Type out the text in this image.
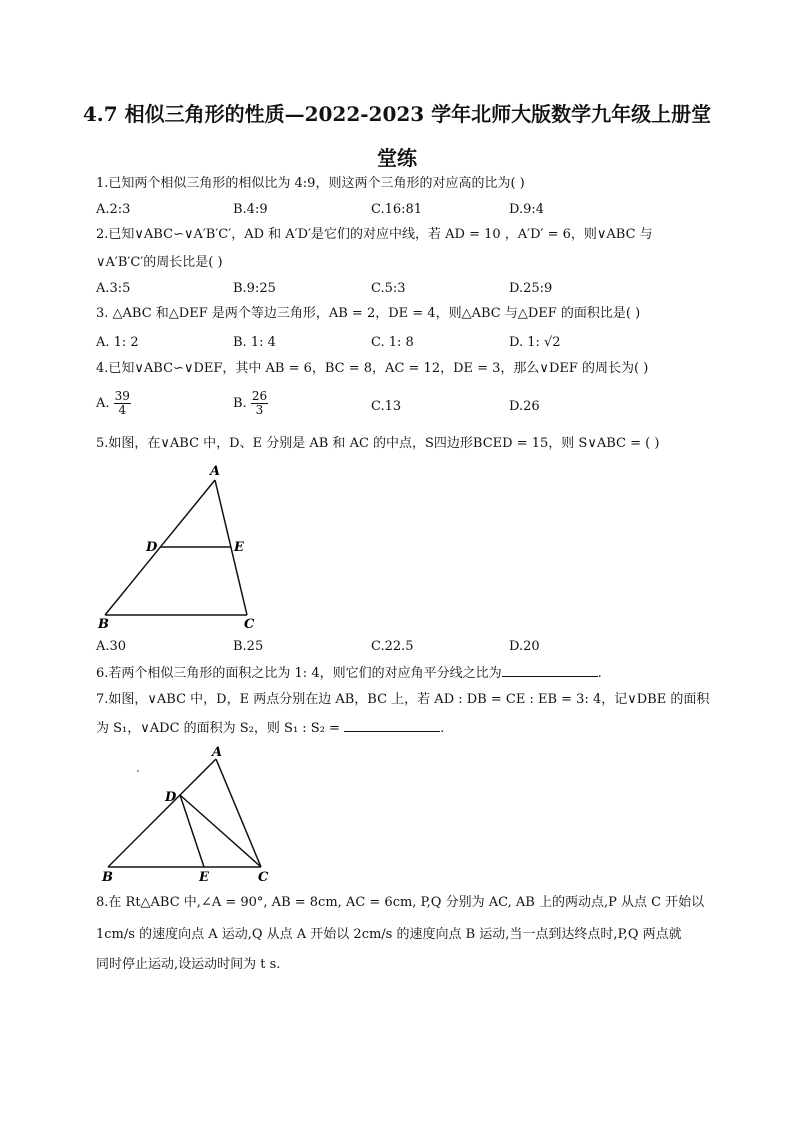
4.7 相似三角形的性质—2022-2023 学年北师大版数学九年级上册堂
堂练
1.已知两个相似三角形的相似比为 4:9，则这两个三角形的对应高的比为( )
A.2:3	B.4:9	C.16:81	D.9:4
2.已知∨ABC∽∨A′B′C′，AD 和 A′D′是它们的对应中线，若 AD = 10 ，A′D′ = 6，则∨ABC 与
∨A′B′C′的周长比是( )
A.3:5	B.9:25	C.5:3	D.25:9
3. △ABC 和△DEF 是两个等边三角形，AB = 2，DE = 4，则△ABC 与△DEF 的面积比是( )
A. 1: 2	B. 1: 4	C. 1: 8	D. 1: √2
4.已知∨ABC∽∨DEF，其中 AB = 6，BC = 8，AC = 12，DE = 3，那么∨DEF 的周长为( )
A. $\frac{39}{4}$	B. $\frac{26}{3}$	C.13	D.26
5.如图，在∨ABC 中，D、E 分别是 AB 和 AC 的中点，S四边形BCED = 15，则 S∨ABC = ( )
A
D	E
B	C
A.30	B.25	C.22.5	D.20
6.若两个相似三角形的面积之比为 1: 4，则它们的对应角平分线之比为	.
7.如图，∨ABC 中，D，E 两点分别在边 AB，BC 上，若 AD : DB = CE : EB = 3: 4，记∨DBE 的面积
为 S₁，∨ADC 的面积为 S₂，则 S₁ : S₂ =	.
A
D
B	E	C
8.在 Rt△ABC 中,∠A = 90°, AB = 8cm, AC = 6cm, P,Q 分别为 AC, AB 上的两动点,P 从点 C 开始以
1cm/s 的速度向点 A 运动,Q 从点 A 开始以 2cm/s 的速度向点 B 运动,当一点到达终点时,P,Q 两点就
同时停止运动,设运动时间为 t s.
